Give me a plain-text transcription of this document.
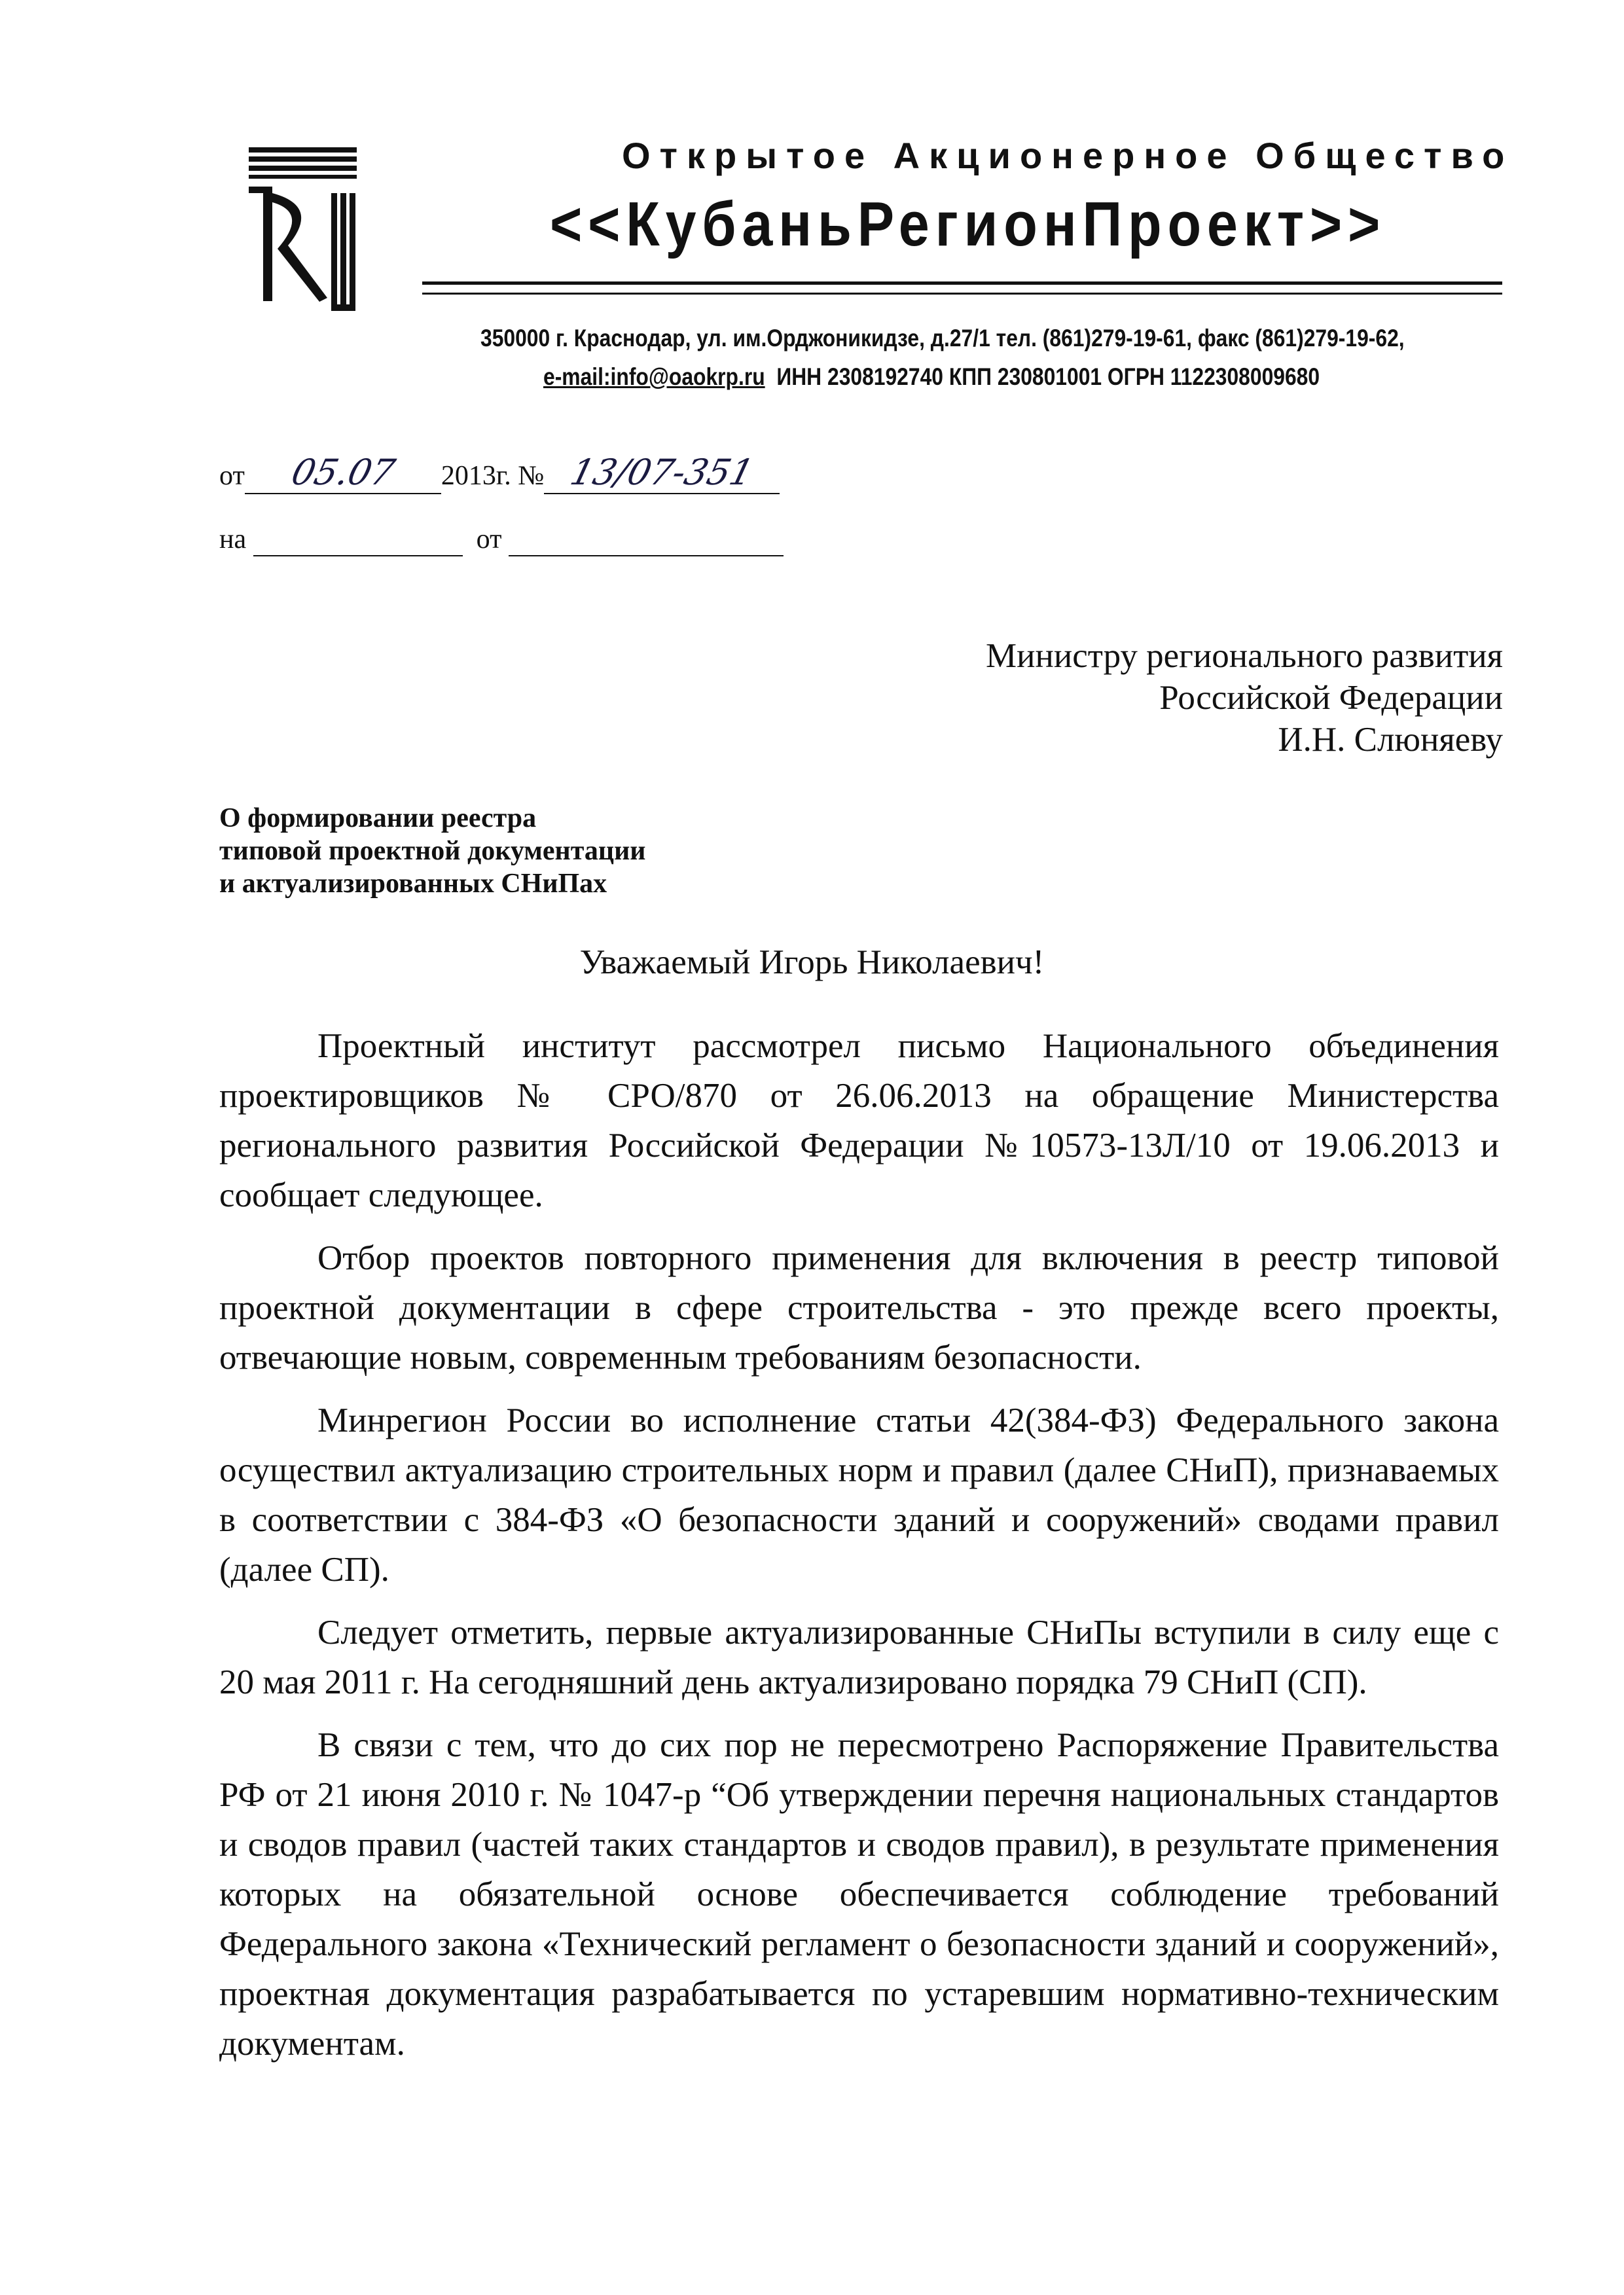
Открытое Акционерное Общество
<<КубаньРегионПроект>>
350000 г. Краснодар, ул. им.Орджоникидзе, д.27/1 тел. (861)279-19-61, факс (861)279-19-62,
e-mail:info@oaokrp.ru ИНН 2308192740 КПП 230801001 ОГРН 1122308009680
от 05.07 2013г. № 13/07-351
на	от
Министру регионального развития
Российской Федерации
И.Н. Слюняеву
О формировании реестра
типовой проектной документации
и актуализированных СНиПах
Уважаемый Игорь Николаевич!

Проектный институт рассмотрел письмо Национального объединения проектировщиков № СРО/870 от 26.06.2013 на обращение Министерства регионального развития Российской Федерации №10573-13Л/10 от 19.06.2013 и сообщает следующее.

Отбор проектов повторного применения для включения в реестр типовой проектной документации в сфере строительства - это прежде всего проекты, отвечающие новым, современным требованиям безопасности.

Минрегион России во исполнение статьи 42(384-ФЗ) Федерального закона осуществил актуализацию строительных норм и правил (далее СНиП), признаваемых в соответствии с 384-ФЗ «О безопасности зданий и сооружений» сводами правил (далее СП).

Следует отметить, первые актуализированные СНиПы вступили в силу еще с 20 мая 2011 г. На сегодняшний день актуализировано порядка 79 СНиП (СП).

В связи с тем, что до сих пор не пересмотрено Распоряжение Правительства РФ от 21 июня 2010 г. № 1047-р “Об утверждении перечня национальных стандартов и сводов правил (частей таких стандартов и сводов правил), в результате применения которых на обязательной основе обеспечивается соблюдение требований Федерального закона «Технический регламент о безопасности зданий и сооружений», проектная документация разрабатывается по устаревшим нормативно-техническим документам.
